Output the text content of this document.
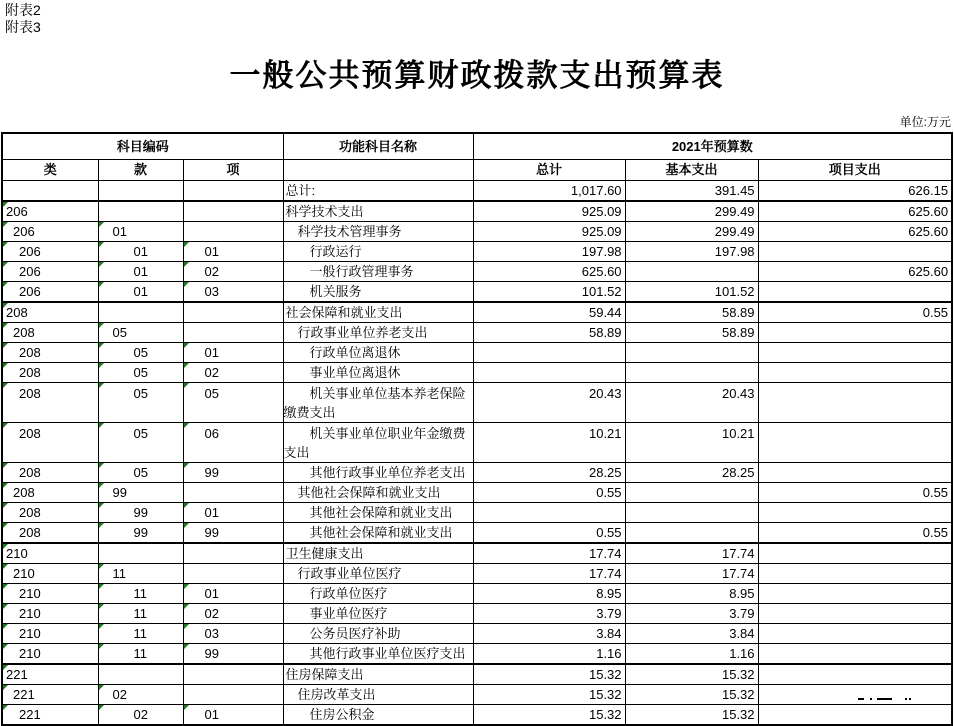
附表2
附表3
一般公共预算财政拨款支出预算表
单位:万元
科目编码			功能科目名称	2021年预算数		
类	款	项		总计	基本支出	项目支出
			总计:	1,017.60	391.45	626.15

206			科学技术支出	925.09	299.49	625.60

206	01		科学技术管理事务	925.09	299.49	625.60

206	01	01	行政运行	197.98	197.98	

206	01	02	一般行政管理事务	625.60		625.60

206	01	03	机关服务	101.52	101.52	

208			社会保障和就业支出	59.44	58.89	0.55

208	05		行政事业单位养老支出	58.89	58.89	

208	05	01	行政单位离退休			

208	05	02	事业单位离退休			

208	05	05	机关事业单位基本养老保险缴费支出	20.43	20.43	

208	05	06	机关事业单位职业年金缴费支出	10.21	10.21	

208	05	99	其他行政事业单位养老支出	28.25	28.25	

208	99		其他社会保障和就业支出	0.55		0.55

208	99	01	其他社会保障和就业支出			

208	99	99	其他社会保障和就业支出	0.55		0.55

210			卫生健康支出	17.74	17.74	

210	11		行政事业单位医疗	17.74	17.74	

210	11	01	行政单位医疗	8.95	8.95	

210	11	02	事业单位医疗	3.79	3.79	

210	11	03	公务员医疗补助	3.84	3.84	

210	11	99	其他行政事业单位医疗支出	1.16	1.16	

221			住房保障支出	15.32	15.32	

221	02		住房改革支出	15.32	15.32	

221	02	01	住房公积金	15.32	15.32	
